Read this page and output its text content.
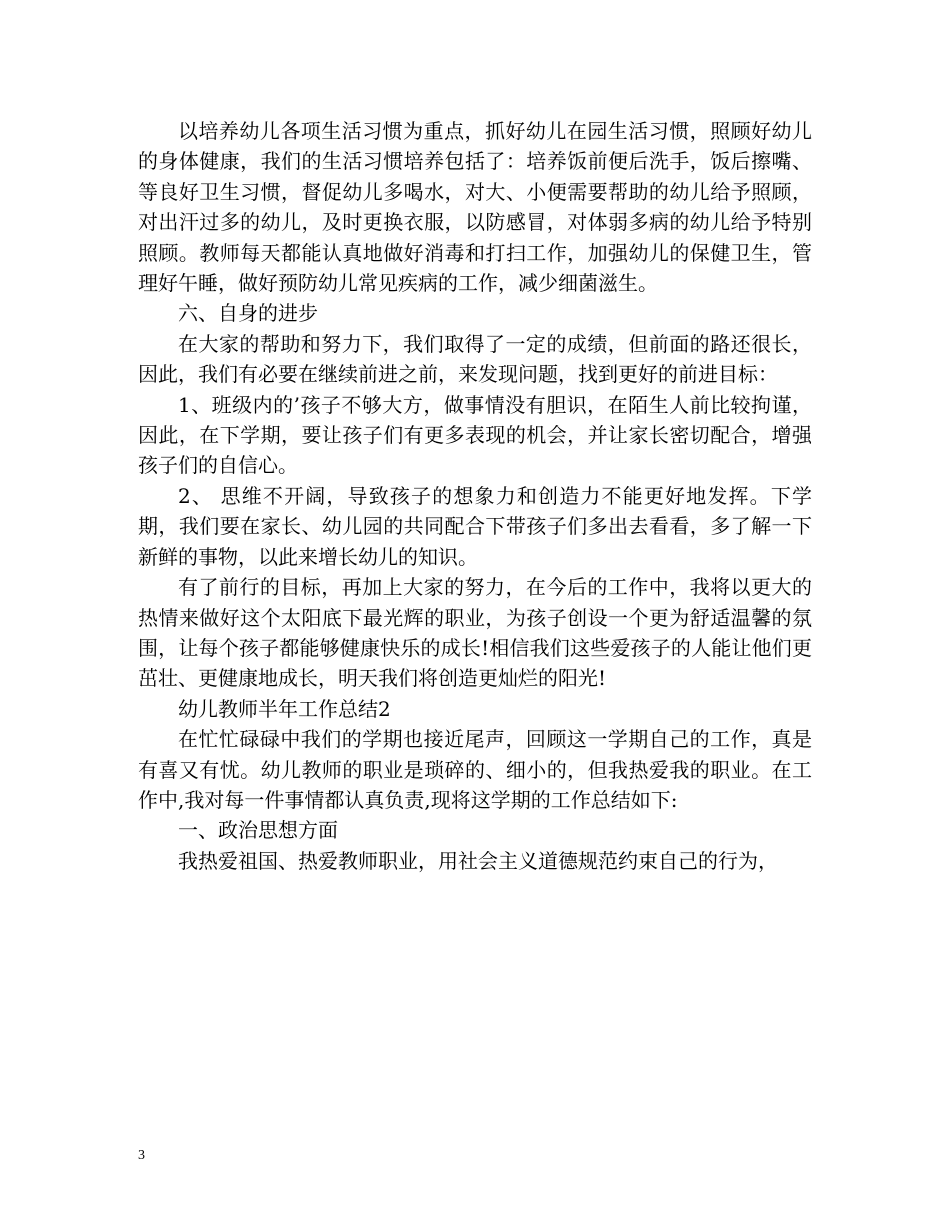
以培养幼儿各项生活习惯为重点，抓好幼儿在园生活习惯，照顾好幼儿的身体健康，我们的生活习惯培养包括了：培养饭前便后洗手，饭后擦嘴、等良好卫生习惯，督促幼儿多喝水，对大、小便需要帮助的幼儿给予照顾，对出汗过多的幼儿，及时更换衣服，以防感冒，对体弱多病的幼儿给予特别照顾。教师每天都能认真地做好消毒和打扫工作，加强幼儿的保健卫生，管理好午睡，做好预防幼儿常见疾病的工作，减少细菌滋生。

六、自身的进步

在大家的帮助和努力下，我们取得了一定的成绩，但前面的路还很长，因此，我们有必要在继续前进之前，来发现问题，找到更好的前进目标：

1、班级内的’孩子不够大方，做事情没有胆识，在陌生人前比较拘谨，因此，在下学期，要让孩子们有更多表现的机会，并让家长密切配合，增强孩子们的自信心。

2、 思维不开阔，导致孩子的想象力和创造力不能更好地发挥。下学期，我们要在家长、幼儿园的共同配合下带孩子们多出去看看，多了解一下新鲜的事物，以此来增长幼儿的知识。

有了前行的目标，再加上大家的努力，在今后的工作中，我将以更大的热情来做好这个太阳底下最光辉的职业，为孩子创设一个更为舒适温馨的氛围，让每个孩子都能够健康快乐的成长!相信我们这些爱孩子的人能让他们更茁壮、更健康地成长，明天我们将创造更灿烂的阳光!

幼儿教师半年工作总结2

在忙忙碌碌中我们的学期也接近尾声，回顾这一学期自己的工作，真是有喜又有忧。幼儿教师的职业是琐碎的、细小的，但我热爱我的职业。在工作中,我对每一件事情都认真负责,现将这学期的工作总结如下:

一、政治思想方面

我热爱祖国、热爱教师职业，用社会主义道德规范约束自己的行为，

3
